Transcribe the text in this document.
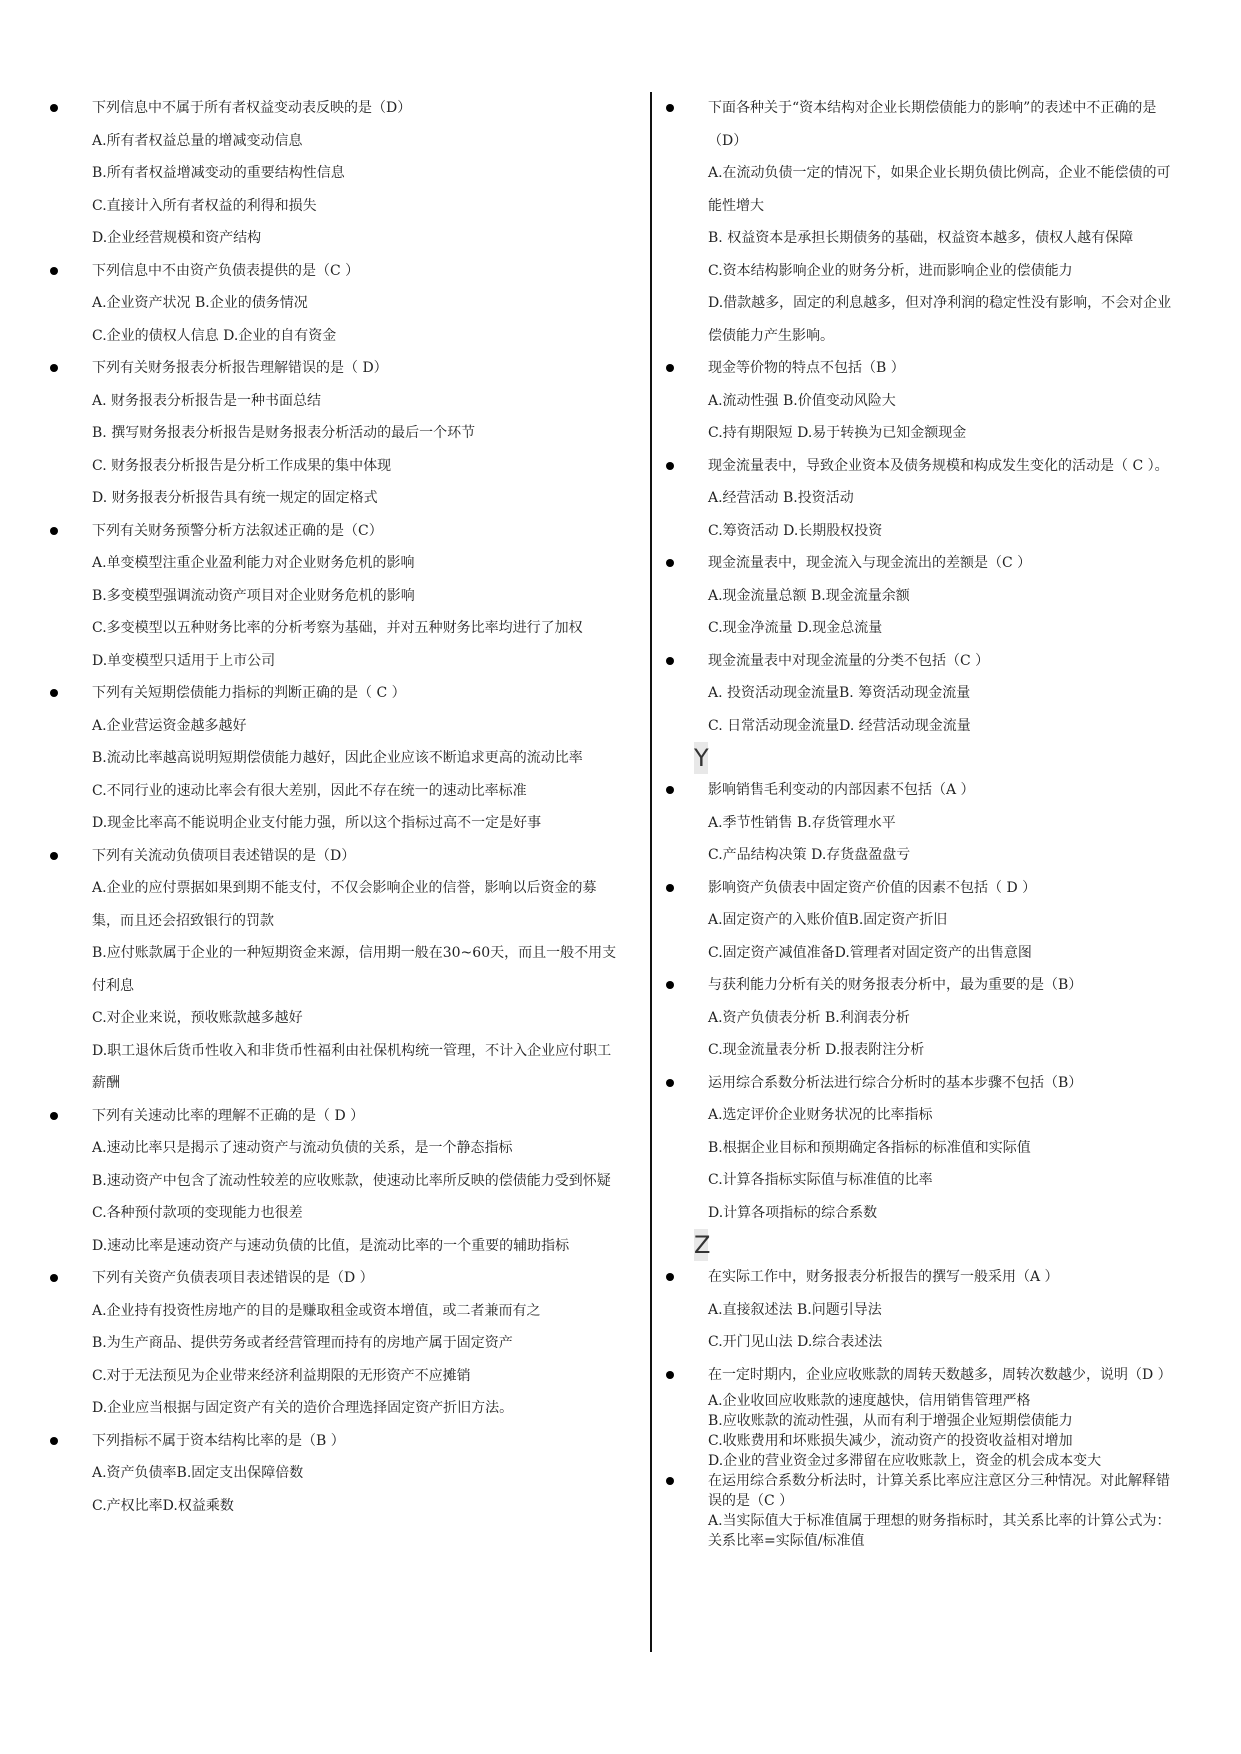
下列信息中不属于所有者权益变动表反映的是（D）
A.所有者权益总量的增减变动信息
B.所有者权益增减变动的重要结构性信息
C.直接计入所有者权益的利得和损失
D.企业经营规模和资产结构
下列信息中不由资产负债表提供的是（C ）
A.企业资产状况 B.企业的债务情况
C.企业的债权人信息 D.企业的自有资金
下列有关财务报表分析报告理解错误的是（ D）
A. 财务报表分析报告是一种书面总结
B. 撰写财务报表分析报告是财务报表分析活动的最后一个环节
C. 财务报表分析报告是分析工作成果的集中体现
D. 财务报表分析报告具有统一规定的固定格式
下列有关财务预警分析方法叙述正确的是（C）
A.单变模型注重企业盈利能力对企业财务危机的影响
B.多变模型强调流动资产项目对企业财务危机的影响
C.多变模型以五种财务比率的分析考察为基础，并对五种财务比率均进行了加权
D.单变模型只适用于上市公司
下列有关短期偿债能力指标的判断正确的是（ C ）
A.企业营运资金越多越好
B.流动比率越高说明短期偿债能力越好，因此企业应该不断追求更高的流动比率
C.不同行业的速动比率会有很大差别，因此不存在统一的速动比率标准
D.现金比率高不能说明企业支付能力强，所以这个指标过高不一定是好事
下列有关流动负债项目表述错误的是（D）
A.企业的应付票据如果到期不能支付，不仅会影响企业的信誉，影响以后资金的募集，而且还会招致银行的罚款
B.应付账款属于企业的一种短期资金来源，信用期一般在30~60天，而且一般不用支付利息
C.对企业来说，预收账款越多越好
D.职工退休后货币性收入和非货币性福利由社保机构统一管理，不计入企业应付职工薪酬
下列有关速动比率的理解不正确的是（ D ）
A.速动比率只是揭示了速动资产与流动负债的关系，是一个静态指标
B.速动资产中包含了流动性较差的应收账款，使速动比率所反映的偿债能力受到怀疑
C.各种预付款项的变现能力也很差
D.速动比率是速动资产与速动负债的比值，是流动比率的一个重要的辅助指标
下列有关资产负债表项目表述错误的是（D ）
A.企业持有投资性房地产的目的是赚取租金或资本增值，或二者兼而有之
B.为生产商品、提供劳务或者经营管理而持有的房地产属于固定资产
C.对于无法预见为企业带来经济利益期限的无形资产不应摊销
D.企业应当根据与固定资产有关的造价合理选择固定资产折旧方法。
下列指标不属于资本结构比率的是（B ）
A.资产负债率B.固定支出保障倍数
C.产权比率D.权益乘数
下面各种关于“资本结构对企业长期偿债能力的影响”的表述中不正确的是（D）
A.在流动负债一定的情况下，如果企业长期负债比例高，企业不能偿债的可能性增大
B. 权益资本是承担长期债务的基础，权益资本越多，债权人越有保障
C.资本结构影响企业的财务分析，进而影响企业的偿债能力
D.借款越多，固定的利息越多，但对净利润的稳定性没有影响，不会对企业偿债能力产生影响。
现金等价物的特点不包括（B ）
A.流动性强 B.价值变动风险大
C.持有期限短 D.易于转换为已知金额现金
现金流量表中，导致企业资本及债务规模和构成发生变化的活动是（ C ）。
A.经营活动 B.投资活动
C.筹资活动 D.长期股权投资
现金流量表中，现金流入与现金流出的差额是（C ）
A.现金流量总额 B.现金流量余额
C.现金净流量 D.现金总流量
现金流量表中对现金流量的分类不包括（C ）
A. 投资活动现金流量B. 筹资活动现金流量
C. 日常活动现金流量D. 经营活动现金流量
Y
影响销售毛利变动的内部因素不包括（A ）
A.季节性销售 B.存货管理水平
C.产品结构决策 D.存货盘盈盘亏
影响资产负债表中固定资产价值的因素不包括（ D ）
A.固定资产的入账价值B.固定资产折旧
C.固定资产减值准备D.管理者对固定资产的出售意图
与获利能力分析有关的财务报表分析中，最为重要的是（B）
A.资产负债表分析 B.利润表分析
C.现金流量表分析 D.报表附注分析
运用综合系数分析法进行综合分析时的基本步骤不包括（B）
A.选定评价企业财务状况的比率指标
B.根据企业目标和预期确定各指标的标准值和实际值
C.计算各指标实际值与标准值的比率
D.计算各项指标的综合系数
Z
在实际工作中，财务报表分析报告的撰写一般采用（A ）
A.直接叙述法 B.问题引导法
C.开门见山法 D.综合表述法
在一定时期内，企业应收账款的周转天数越多，周转次数越少，说明（D ）
A.企业收回应收账款的速度越快，信用销售管理严格
B.应收账款的流动性强，从而有利于增强企业短期偿债能力
C.收账费用和坏账损失减少，流动资产的投资收益相对增加
D.企业的营业资金过多滞留在应收账款上，资金的机会成本变大
在运用综合系数分析法时，计算关系比率应注意区分三种情况。对此解释错误的是（C ）
A.当实际值大于标准值属于理想的财务指标时，其关系比率的计算公式为：关系比率=实际值/标准值
